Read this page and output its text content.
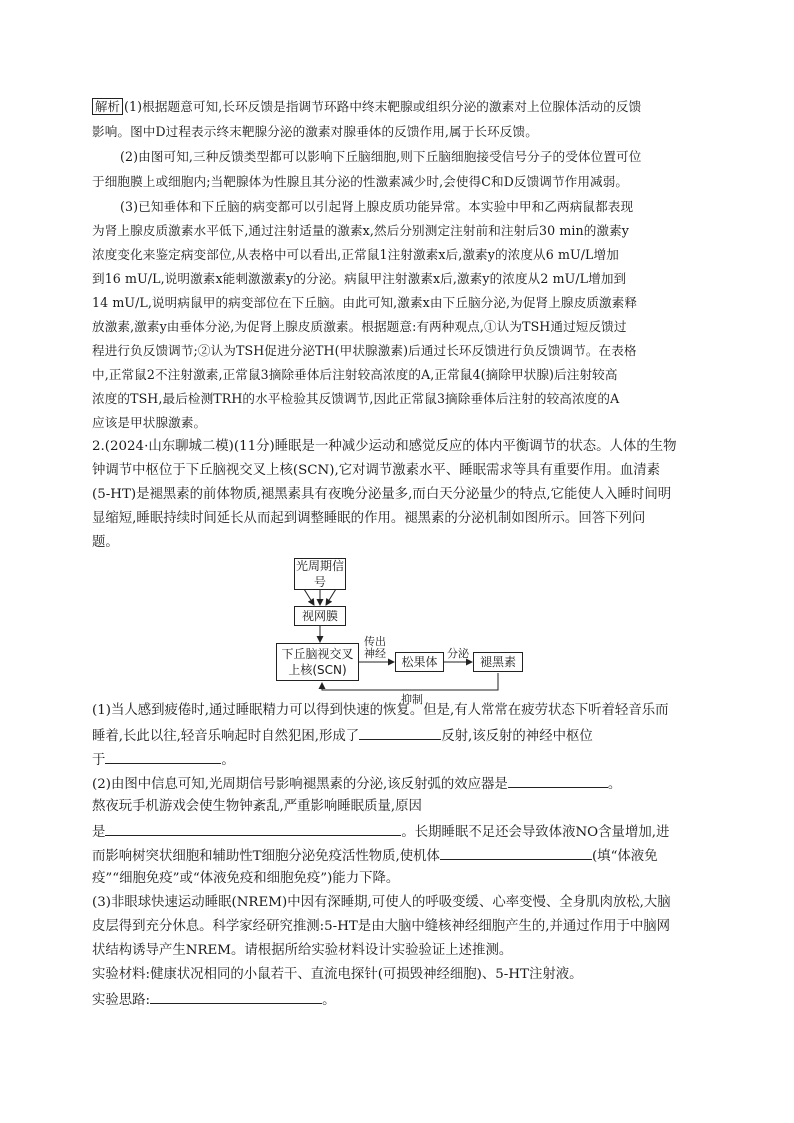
解析 (1)根据题意可知,长环反馈是指调节环路中终末靶腺或组织分泌的激素对上位腺体活动的反馈
影响。图中D过程表示终末靶腺分泌的激素对腺垂体的反馈作用,属于长环反馈。
(2)由图可知,三种反馈类型都可以影响下丘脑细胞,则下丘脑细胞接受信号分子的受体位置可位
于细胞膜上或细胞内;当靶腺体为性腺且其分泌的性激素减少时,会使得C和D反馈调节作用减弱。
(3)已知垂体和下丘脑的病变都可以引起肾上腺皮质功能异常。本实验中甲和乙两病鼠都表现
为肾上腺皮质激素水平低下,通过注射适量的激素x,然后分别测定注射前和注射后30 min的激素y
浓度变化来鉴定病变部位,从表格中可以看出,正常鼠1注射激素x后,激素y的浓度从6 mU/L增加
到16 mU/L,说明激素x能刺激激素y的分泌。病鼠甲注射激素x后,激素y的浓度从2 mU/L增加到
14 mU/L,说明病鼠甲的病变部位在下丘脑。由此可知,激素x由下丘脑分泌,为促肾上腺皮质激素释
放激素,激素y由垂体分泌,为促肾上腺皮质激素。根据题意:有两种观点,①认为TSH通过短反馈过
程进行负反馈调节;②认为TSH促进分泌TH(甲状腺激素)后通过长环反馈进行负反馈调节。在表格
中,正常鼠2不注射激素,正常鼠3摘除垂体后注射较高浓度的A,正常鼠4(摘除甲状腺)后注射较高
浓度的TSH,最后检测TRH的水平检验其反馈调节,因此正常鼠3摘除垂体后注射的较高浓度的A
应该是甲状腺激素。
2.(2024·山东聊城二模)(11分)睡眠是一种减少运动和感觉反应的体内平衡调节的状态。人体的生物
钟调节中枢位于下丘脑视交叉上核(SCN),它对调节激素水平、睡眠需求等具有重要作用。血清素
(5-HT)是褪黑素的前体物质,褪黑素具有夜晚分泌量多,而白天分泌量少的特点,它能使人入睡时间明
显缩短,睡眠持续时间延长从而起到调整睡眠的作用。褪黑素的分泌机制如图所示。回答下列问
题。
光周期信号
视网膜
下丘脑视交叉上核(SCN)
松果体	褪黑素
传出神经	分泌
抑制
(1)当人感到疲倦时,通过睡眠精力可以得到快速的恢复。但是,有人常常在疲劳状态下听着轻音乐而
睡着,长此以往,轻音乐响起时自然犯困,形成了	反射,该反射的神经中枢位
于	。
(2)由图中信息可知,光周期信号影响褪黑素的分泌,该反射弧的效应器是	。
熬夜玩手机游戏会使生物钟紊乱,严重影响睡眠质量,原因
是	。长期睡眠不足还会导致体液NO含量增加,进
而影响树突状细胞和辅助性T细胞分泌免疫活性物质,使机体	(填“体液免
疫”“细胞免疫”或“体液免疫和细胞免疫”)能力下降。
(3)非眼球快速运动睡眠(NREM)中因有深睡期,可使人的呼吸变缓、心率变慢、全身肌肉放松,大脑
皮层得到充分休息。科学家经研究推测:5-HT是由大脑中缝核神经细胞产生的,并通过作用于中脑网
状结构诱导产生NREM。请根据所给实验材料设计实验验证上述推测。
实验材料:健康状况相同的小鼠若干、直流电探针(可损毁神经细胞)、5-HT注射液。
实验思路:	。
